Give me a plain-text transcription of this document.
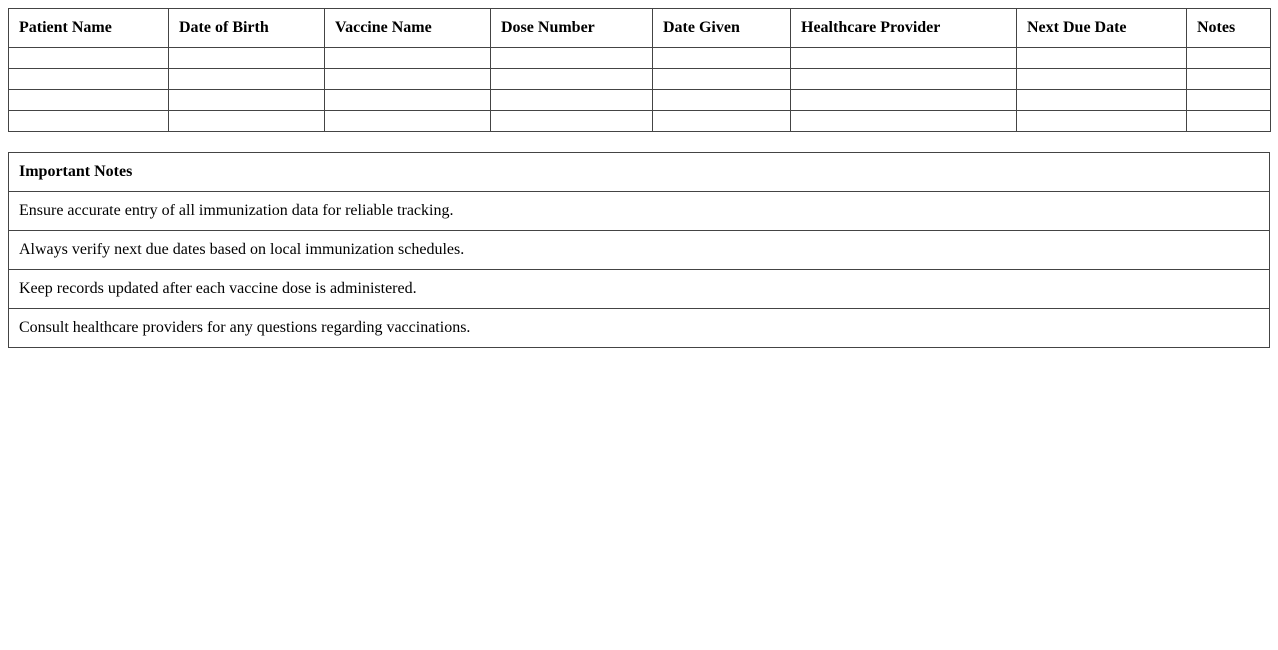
Patient Name	Date of Birth	Vaccine Name	Dose Number	Date Given	Healthcare Provider	Next Due Date	Notes

Important Notes
Ensure accurate entry of all immunization data for reliable tracking.
Always verify next due dates based on local immunization schedules.
Keep records updated after each vaccine dose is administered.
Consult healthcare providers for any questions regarding vaccinations.
